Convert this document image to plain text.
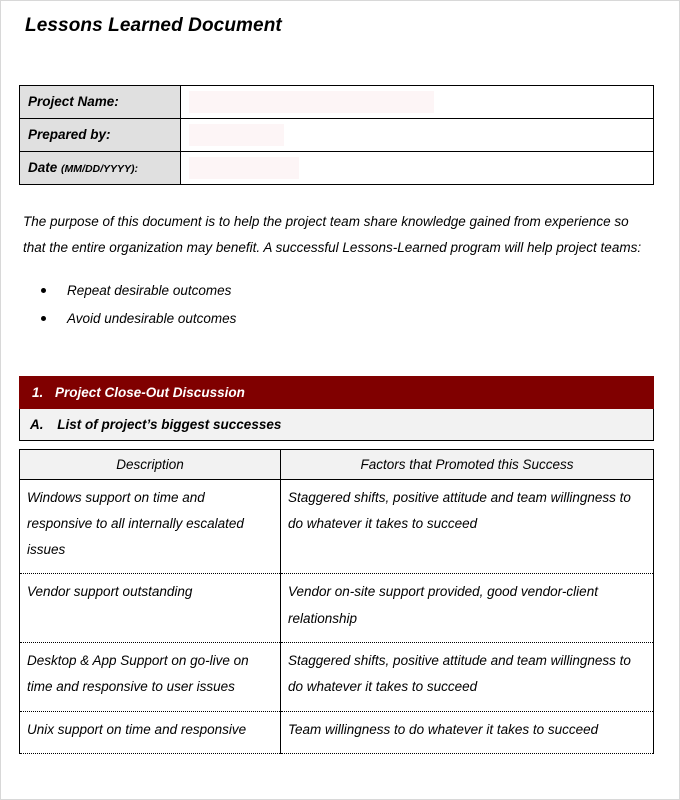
Lessons Learned Document
Project Name:	

Prepared by:	

Date (MM/DD/YYYY):	

The purpose of this document is to help the project team share knowledge gained from experience so that the entire organization may benefit. A successful Lessons-Learned program will help project teams:

Repeat desirable outcomes
Avoid undesirable outcomes
1. Project Close-Out Discussion
A. List of project’s biggest successes
Description	Factors that Promoted this Success
Windows support on time and responsive to all internally escalated issues	Staggered shifts, positive attitude and team willingness to do whatever it takes to succeed
Vendor support outstanding	Vendor on-site support provided, good vendor-client relationship
Desktop & App Support on go-live on time and responsive to user issues	Staggered shifts, positive attitude and team willingness to do whatever it takes to succeed
Unix support on time and responsive	Team willingness to do whatever it takes to succeed
